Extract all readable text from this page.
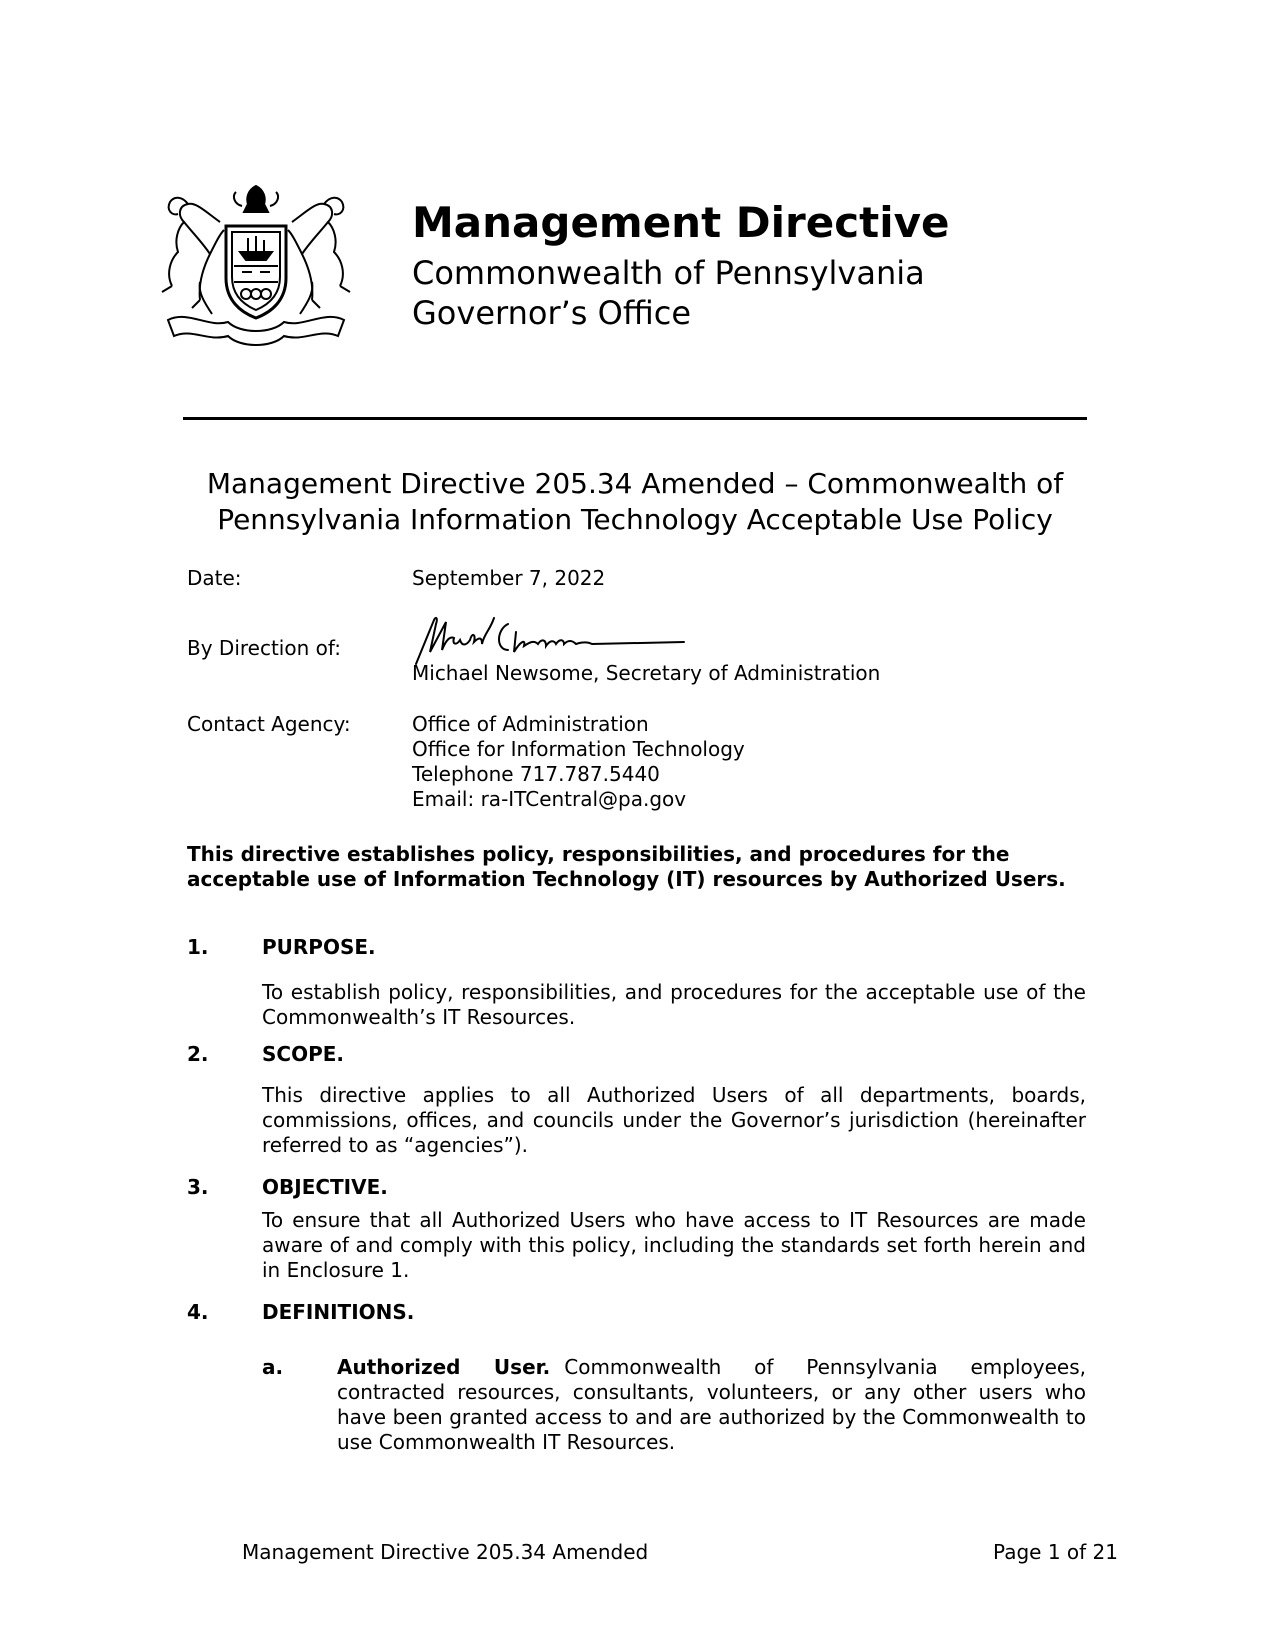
Management Directive
Commonwealth of Pennsylvania
Governor’s Office
Management Directive 205.34 Amended – Commonwealth of Pennsylvania Information Technology Acceptable Use Policy
Date:	September 7, 2022
By Direction of:
Michael Newsome, Secretary of Administration
Contact Agency:	Office of Administration
Office for Information Technology
Telephone 717.787.5440
Email: ra-ITCentral@pa.gov
This directive establishes policy, responsibilities, and procedures for the acceptable use of Information Technology (IT) resources by Authorized Users.
1.	PURPOSE.
To establish policy, responsibilities, and procedures for the acceptable use of the Commonwealth’s IT Resources.
2.	SCOPE.
This directive applies to all Authorized Users of all departments, boards, commissions, offices, and councils under the Governor’s jurisdiction (hereinafter referred to as “agencies”).
3.	OBJECTIVE.
To ensure that all Authorized Users who have access to IT Resources are made aware of and comply with this policy, including the standards set forth herein and in Enclosure 1.
4.	DEFINITIONS.
a.	Authorized User. Commonwealth of Pennsylvania employees, contracted resources, consultants, volunteers, or any other users who have been granted access to and are authorized by the Commonwealth to use Commonwealth IT Resources.
Management Directive 205.34 Amended	Page 1 of 21
